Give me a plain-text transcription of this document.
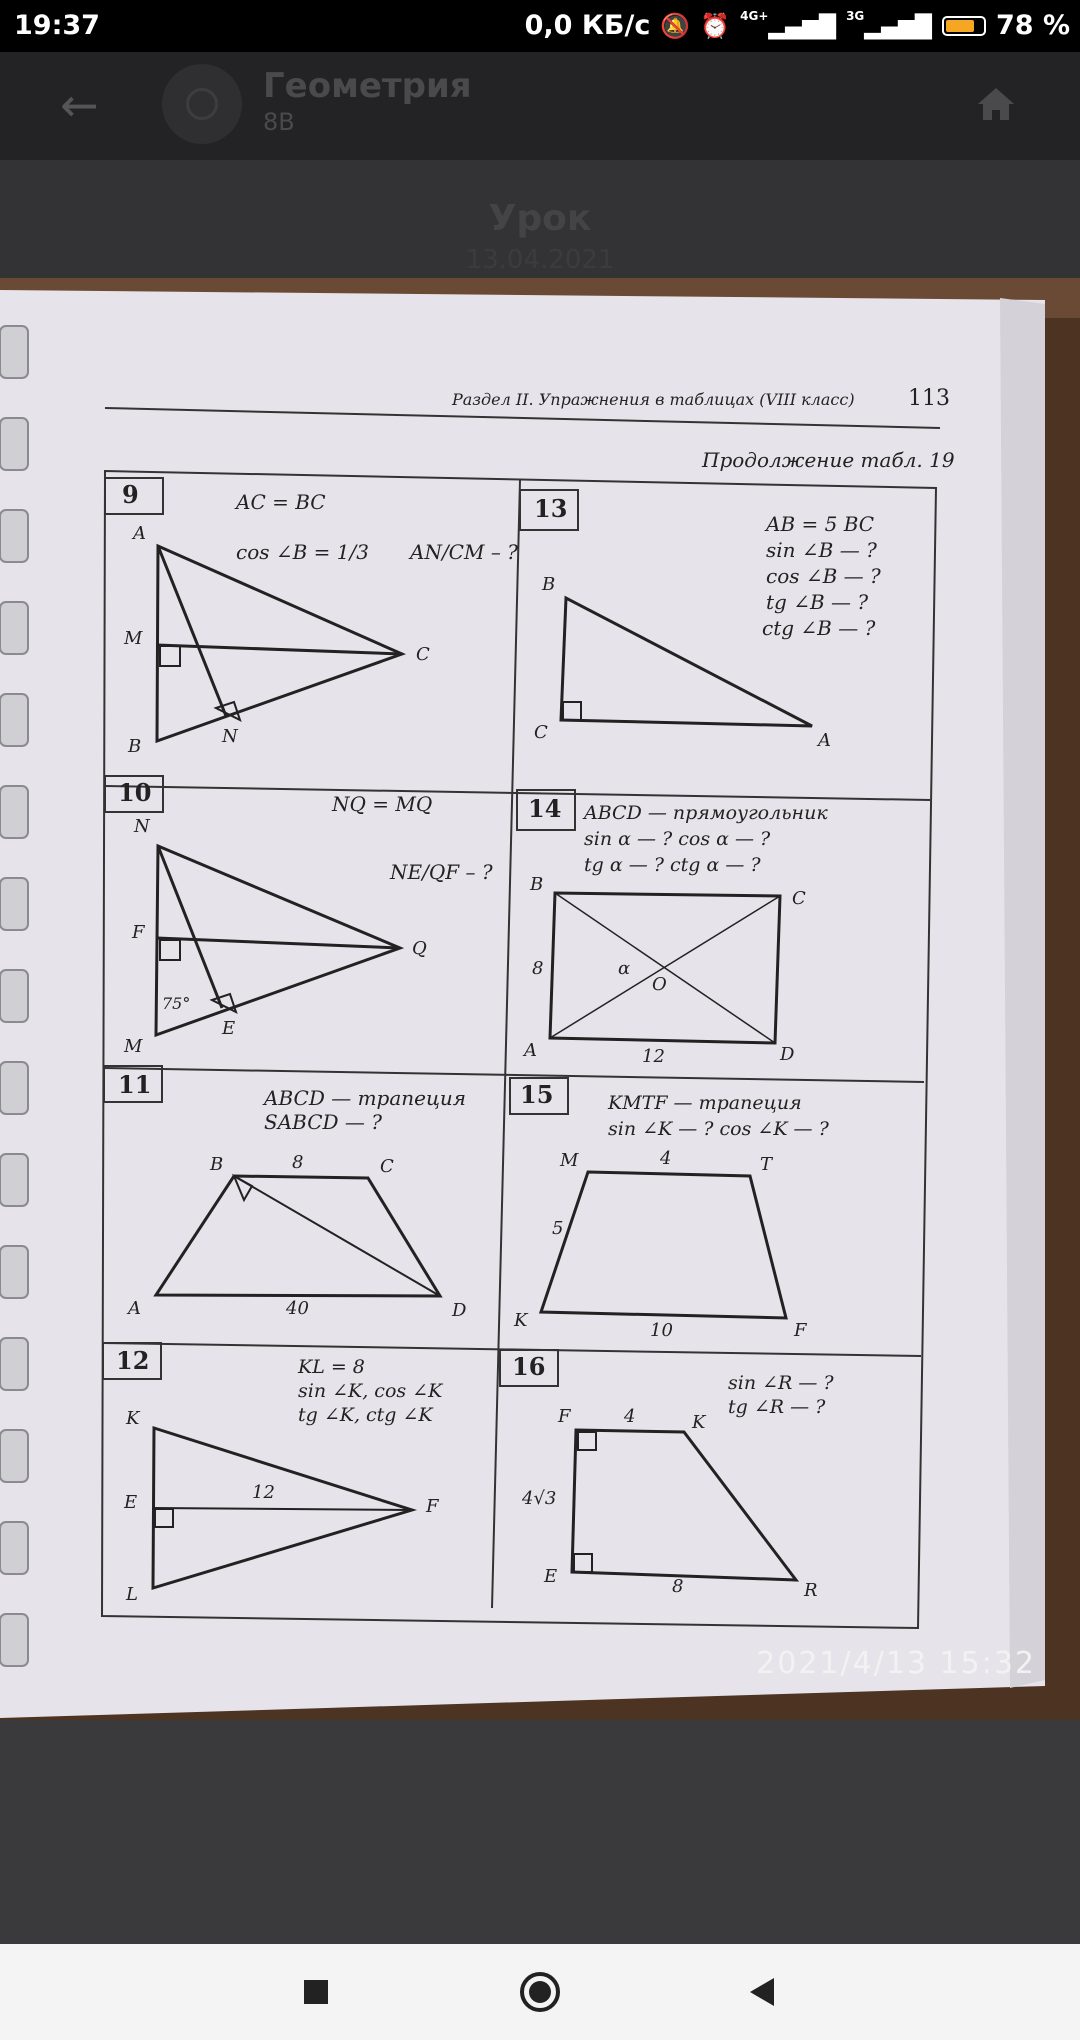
19:37	0,0 КБ/с 🔕 ⏰ 4G+▂▄▆█ 3G▂▄▆█ 78 %
←	Геометрия
8В
Урок
13.04.2021
Раздел II. Упражнения в таблицах (VIII класс) 113
Продолжение табл. 19
9	AC = BC
cos ∠B = 1/3 AN/CM – ?
A
M
B	N
C
13
AB = 5 BC
sin ∠B — ?
cos ∠B — ?
tg ∠B — ?
ctg ∠B — ?
B
C	A
10	NQ = MQ
NE/QF – ?
75°
N
F
M
E
Q
14 ABCD — прямоугольник
sin α — ? cos α — ?
tg α — ? ctg α — ?
8
12
α
B
C
A	D
O
11	ABCD — трапеция
SABCD — ?
8
40
B	C
A	D
15	KMTF — трапеция
sin ∠K — ? cos ∠K — ?
4
5
10
M	T
K	F
12	KL = 8
sin ∠K, cos ∠K
tg ∠K, ctg ∠K
12
K
E
L
F
16
sin ∠R — ?
tg ∠R — ?
4
4√3
8
F	K
E
R
2021/4/13 15:32
